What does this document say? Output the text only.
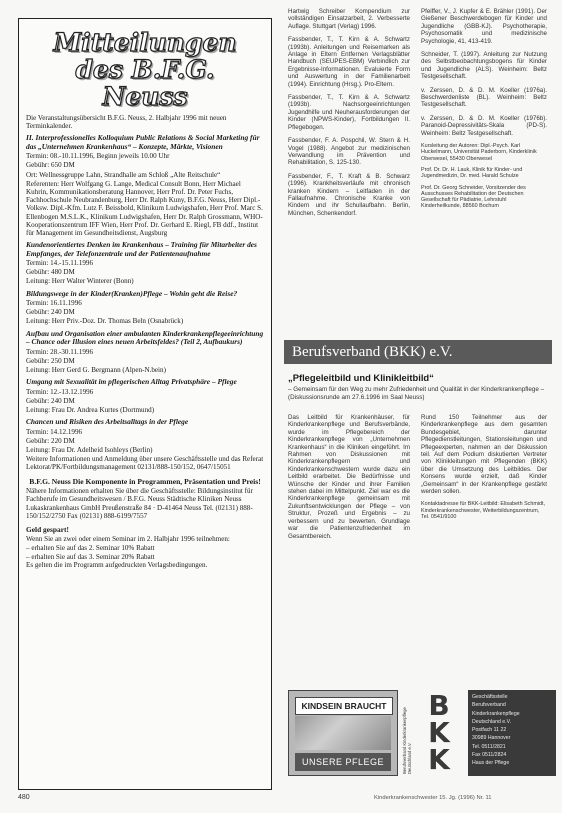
Mitteilungen
des B.F.G. Neuss

Die Veranstaltungsübersicht B.F.G. Neuss, 2. Halbjahr 1996 mit neuen Terminkalender.

II. Interprofessionelles Kolloquium Public Relations & Social Marketing für das „Unternehmen Krankenhaus“ – Konzepte, Märkte, Visionen

Termin: 08.-10.11.1996, Beginn jeweils 10.00 Uhr

Gebühr: 650 DM

Ort: Wellnessgruppe Lahn, Strandhalle am Schloß „Alte Reitschule“

Referenten: Herr Wolfgang G. Lange, Medical Consult Bonn, Herr Michael Kuhrin, Kommunikationsberatung Hannover, Herr Prof. Dr. Peter Fuchs, Fachhochschule Neubrandenburg, Herr Dr. Ralph Kuny, B.F.G. Neuss, Herr Dipl.-Volksw. Dipl.-Kfm. Lutz F. Beissbold, Klinikum Ludwigshafen, Herr Prof. Marc S. Ellenbogen M.S.L.K., Klinikum Ludwigshafen, Herr Dr. Ralph Grossmann, WHO-Kooperationszentrum IFF Wien, Herr Prof. Dr. Gerhard E. Riegl, FB ddf., Institut für Management im Gesundheitsdienst, Augsburg

Kundenorientiertes Denken im Krankenhaus – Training für Mitarbeiter des Empfanges, der Telefonzentrale und der Patientenaufnahme

Termin: 14.-15.11.1996

Gebühr: 480 DM

Leitung: Herr Walter Winterer (Bonn)

Bildungswege in der Kinder(Kranken)Pflege – Wohin geht die Reise?

Termin: 16.11.1996

Gebühr: 240 DM

Leitung: Herr Priv.-Doz. Dr. Thomas Beln (Osnabrück)

Aufbau und Organisation einer ambulanten Kinderkrankenpflegeeinrichtung – Chance oder Illusion eines neuen Arbeitsfeldes? (Teil 2, Aufbaukurs)

Termin: 28.-30.11.1996

Gebühr: 250 DM

Leitung: Herr Gerd G. Bergmann (Alpen-N.bein)

Umgang mit Sexualität im pflegerischen Alltag Privatsphäre – Pflege

Termin: 12.-13.12.1996

Gebühr: 240 DM

Leitung: Frau Dr. Andrea Kurtes (Dortmund)

Chancen und Risiken des Arbeitsalltags in der Pflege

Termin: 14.12.1996

Gebühr: 220 DM

Leitung: Frau Dr. Adelheid Isohleys (Berlin)

Weitere Informationen und Anmeldung über unsere Geschäftsstelle und das Referat Lektorat/PK/Fortbildungsmanagement 02131/888-150/152, 0647/15051

B.F.G. Neuss Die Komponente in Programmen, Präsentation und Preis!

Nähere Informationen erhalten Sie über die Geschäftsstelle: Bildungsinstitut für Fachberufe im Gesundheitswesen / B.F.G. Neuss Städtische Kliniken Neuss Lukaskrankenhaus GmbH Preußenstraße 84 · D-41464 Neuss Tel. (02131) 888-150/152/2750 Fax (02131) 888-6199/7557

Geld gespart!

Wenn Sie an zwei oder einem Seminar im 2. Halbjahr 1996 teilnehmen:

– erhalten Sie auf das 2. Seminar 10% Rabatt

– erhalten Sie auf das 3. Seminar 20% Rabatt

Es gelten die im Programm aufgedruckten Verlagsbedingungen.

Hartwig Schreiber Kompendium zur vollständigen Einsatzarbeit, 2. Verbesserte Auflage. Stuttgart (Verlag) 1996.

Fassbender, T., T. Kirn & A. Schwartz (1993b). Anleitungen und Reisemarken als Anlage in Eltern Entfernen Verlagsblätter Handbuch (SEUPES-EBM) Verbindlich zur Ergebnisse-Informationen. Evaluierte Form und Auswertung in der Familienarbeit (1994). Einrichtung (Hrsg.). Pro-Eltern.

Fassbender, T., T. Kirn & A. Schwartz (1993b). Nachsorgeeinrichtungen Jugendhilfe und Neuherausforderungen der Kinder (NPWS-Kinder), Fortbildungen II. Pflegebogen.

Fassbender, F. A. Pospchil, W. Stern & H. Vogel (1988). Angebot zur medizinischen Verwandlung im Prävention und Rehabilitation, S. 125-130.

Fassbender, F., T. Kraft & B. Schwarz (1996). Krankheitsverläufe mit chronisch kranken Kindern – Leitfaden in der Fallaufnahme. Chronische Kranke von Kindern und ihr Schullaufbahn. Berlin, München, Schenkendorf.

Pfeiffer, V., J. Kupfer & E. Brähler (1991). Der Gießener Beschwerdebogen für Kinder und Jugendliche (GBB-KJ). Psychotherapie, Psychosomatik und medizinische Psychologie, 41, 413-419.

Schneider, T. (1997). Anleitung zur Nutzung des Selbstbeobachtungsbogens für Kinder und Jugendliche (ALS). Weinheim: Beltz Testgesellschaft.

v. Zerssen, D. & D. M. Koeller (1976a). Beschwerdenliste (BL). Weinheim: Beltz Testgesellschaft.

v. Zerssen, D. & D. M. Koeller (1976b). Paranoid-Depressivitäts-Skala (PD-S). Weinheim: Beltz Testgesellschaft.

Kursleitung der Autoren: Dipl.-Psych. Karl Huckelmann, Universität Paderborn, Kinderklinik Oberwesel, 55430 Oberwesel

Prof. Dr. Dr. H. Lauk, Klinik für Kinder- und Jugendmedizin, Dr. med. Harald Schulze

Prof. Dr. Georg Schneider, Vorsitzender des Ausschusses Rehabilitation der Deutschen Gesellschaft für Pädiatrie, Lehrstuhl Kinderheilkunde, 88560 Bochum

Berufsverband (BKK) e.V.
„Pflegeleitbild und Klinikleitbild“
– Gemeinsam für den Weg zu mehr Zufriedenheit und Qualität in der Kinderkrankenpflege – (Diskussionsrunde am 27.6.1996 im Saal Neuss)

Das Leitbild für Krankenhäuser, für Kinderkrankenpflege und Berufsverbände, wurde im Pflegebereich der Kinderkrankenpflege von „Unternehmen Krankenhaus“ in die Kliniken eingeführt. Im Rahmen von Diskussionen mit Kinderkrankenpflegern und Kinderkrankenschwestern wurde dazu ein Leitbild erarbeitet. Die Bedürfnisse und Wünsche der Kinder und ihrer Familien stehen dabei im Mittelpunkt. Ziel war es die Kinderkrankenpflege gemeinsam mit Zukunftsentwicklungen der Pflege – von Struktur, Prozeß und Ergebnis – zu verbessern und zu bewerten. Grundlage war die Patientenzufriedenheit im Gesamtbereich.

Rund 150 Teilnehmer aus der Kinderkrankenpflege aus dem gesamten Bundesgebiet, darunter Pflegedienstleitungen, Stationsleitungen und Pflegeexperten, nahmen an der Diskussion teil. Auf dem Podium diskutierten Vertreter von Klinikleitungen mit Pflegenden (BKK) über die Umsetzung des Leitbildes. Der Konsens wurde erzielt, daß Kinder „Gemeinsam“ in der Krankenpflege gestärkt werden sollen.

Kontaktadresse für BKK-Leitbild: Elisabeth Schmidt, Kinderkrankenschwester, Weiterbildungszentrum, Tel. 0541/9100

KINDSEIN BRAUCHT
UNSERE PFLEGE	Berufsverband Kinderkrankenpflege Deutschland e.V.
B
K
K

Geschäftsstelle

Berufsverband

Kinderkrankenpflege

Deutschland e.V.

Postfach 11 22

30989 Hannover

Tel. 0511/2821

Fax 0511/2824

Haus der Pflege

480	Kinderkrankenschwester 15. Jg. (1996) Nr. 11
